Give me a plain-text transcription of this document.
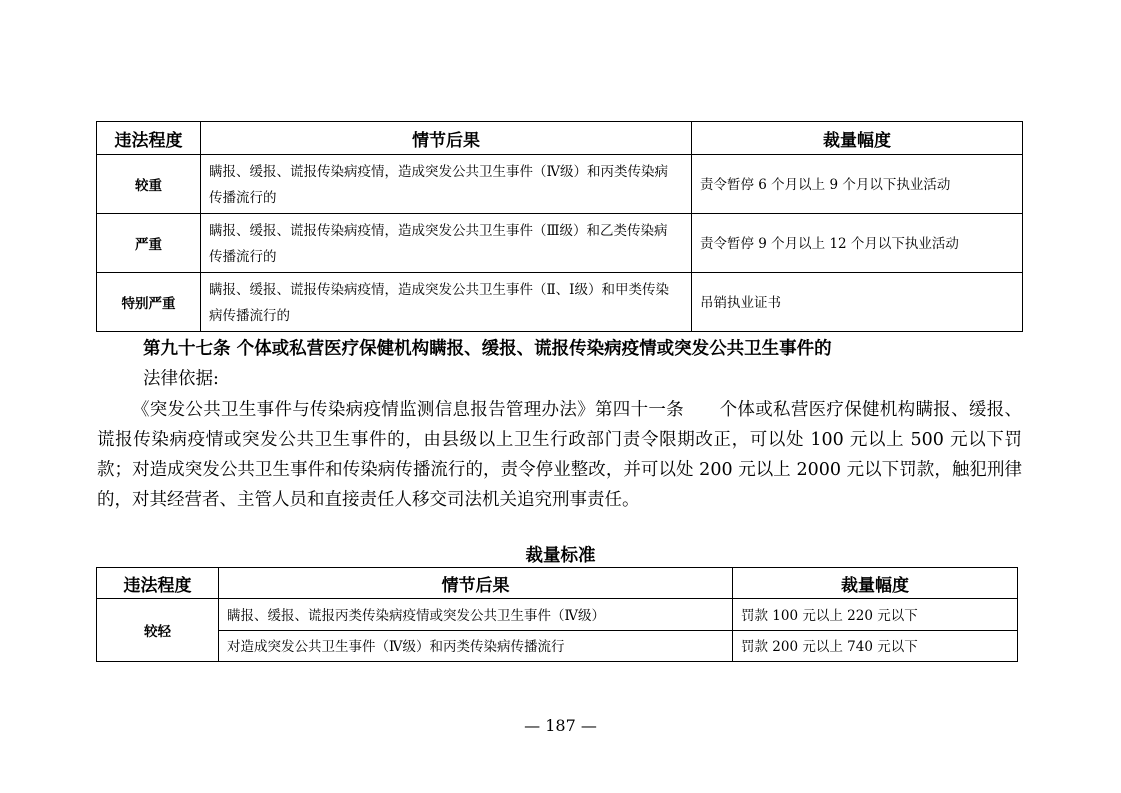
违法程度	情节后果	裁量幅度
较重	瞒报、缓报、谎报传染病疫情，造成突发公共卫生事件（Ⅳ级）和丙类传染病传播流行的	责令暂停 6 个月以上 9 个月以下执业活动
严重	瞒报、缓报、谎报传染病疫情，造成突发公共卫生事件（Ⅲ级）和乙类传染病传播流行的	责令暂停 9 个月以上 12 个月以下执业活动
特别严重	瞒报、缓报、谎报传染病疫情，造成突发公共卫生事件（Ⅱ、Ⅰ级）和甲类传染病传播流行的	吊销执业证书
第九十七条 个体或私营医疗保健机构瞒报、缓报、谎报传染病疫情或突发公共卫生事件的
法律依据:

《突发公共卫生事件与传染病疫情监测信息报告管理办法》第四十一条　　个体或私营医疗保健机构瞒报、缓报、谎报传染病疫情或突发公共卫生事件的，由县级以上卫生行政部门责令限期改正，可以处 100 元以上 500 元以下罚款；对造成突发公共卫生事件和传染病传播流行的，责令停业整改，并可以处 200 元以上 2000 元以下罚款，触犯刑律的，对其经营者、主管人员和直接责任人移交司法机关追究刑事责任。

裁量标准
违法程度	情节后果	裁量幅度
较轻	瞒报、缓报、谎报丙类传染病疫情或突发公共卫生事件（Ⅳ级）	罚款 100 元以上 220 元以下
	对造成突发公共卫生事件（Ⅳ级）和丙类传染病传播流行	罚款 200 元以上 740 元以下
— 187 —
